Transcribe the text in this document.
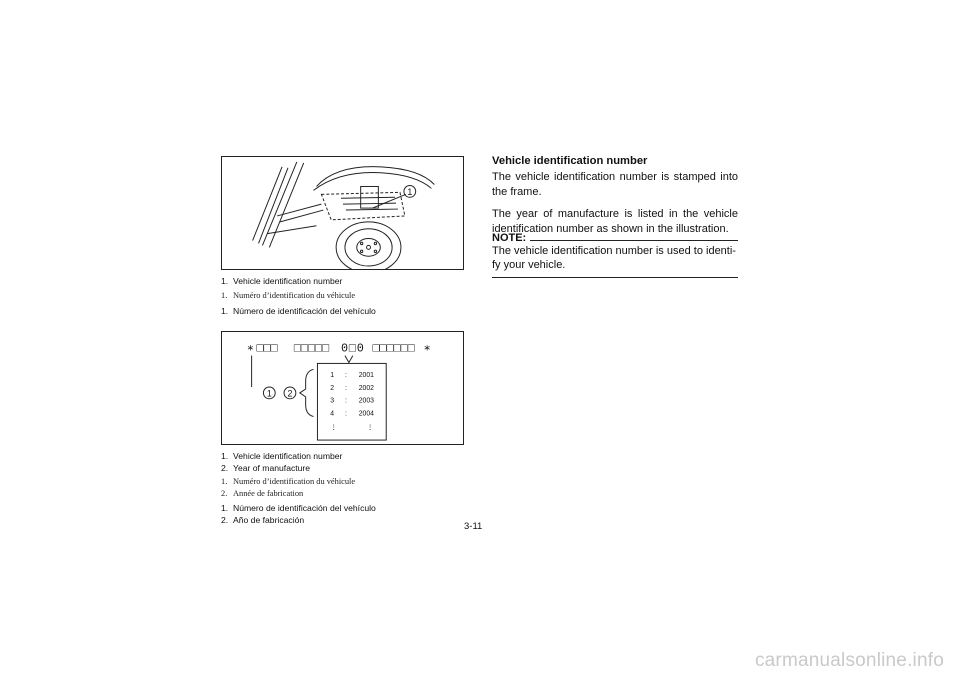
1
1. Vehicle identification number
1. Numéro d’identification du véhicule
1. Número de identificación del vehículo
∗ □□□ □□□□□ 0 □ 0 □□□□□□ ∗
1 2
1 : 2001
2 : 2002
3 : 2003
4 : 2004
⋮	⋮
1. Vehicle identification number
2. Year of manufacture
1. Numéro d’identification du véhicule
2. Année de fabrication
1. Número de identificación del vehículo
2. Año de fabricación
Vehicle identification number
The vehicle identification number is stamped into the frame.
The year of manufacture is listed in the vehicle identification number as shown in the illustration.
NOTE:
The vehicle identification number is used to identi-fy your vehicle.
3-11
carmanualsonline.info
